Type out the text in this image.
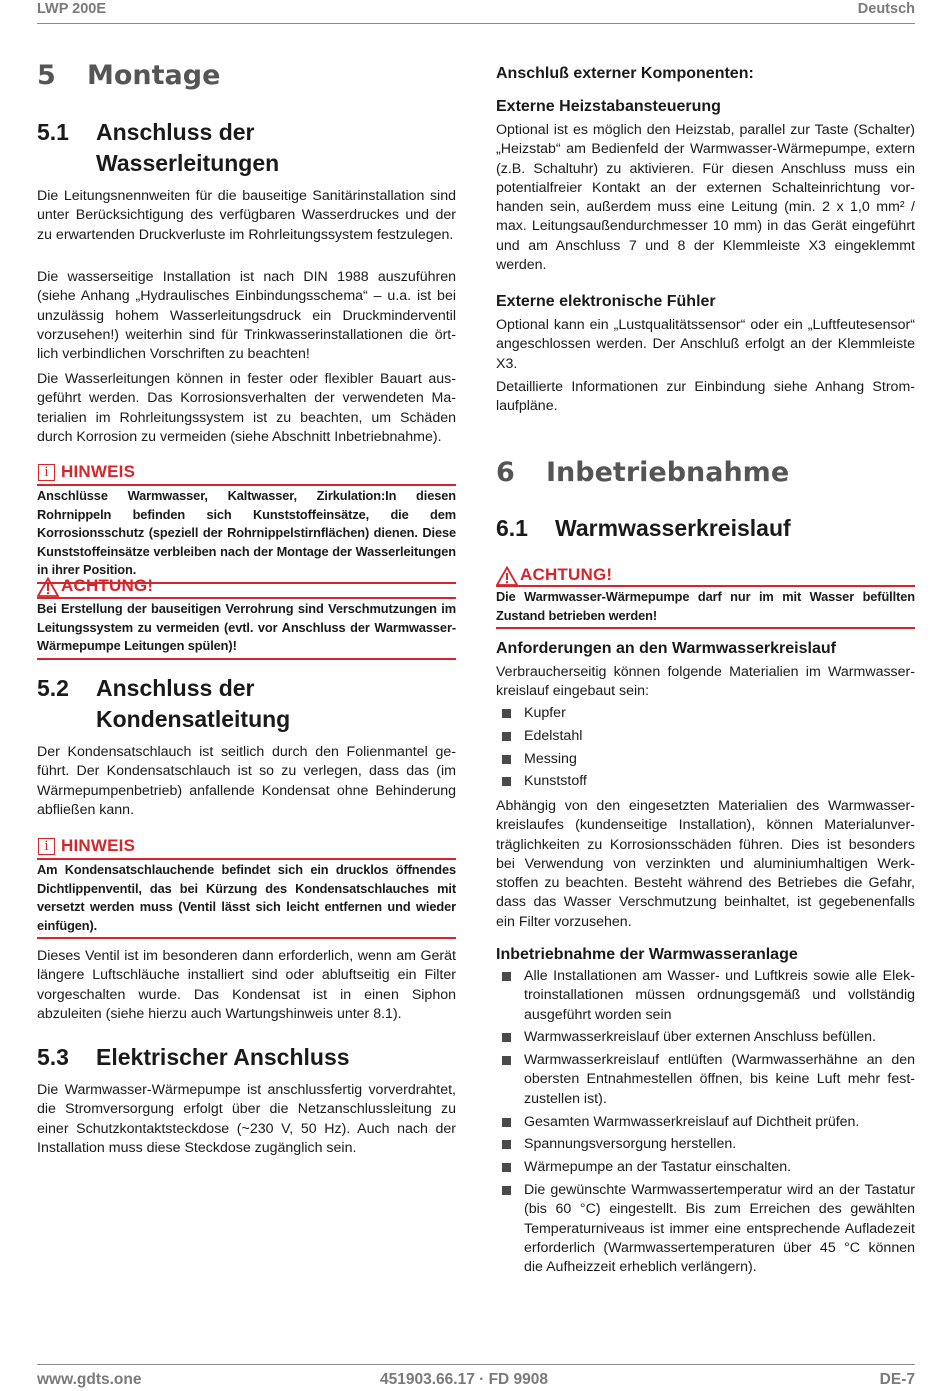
LWP 200E	Deutsch
5 Montage
5.1 Anschluss der
Wasserleitungen

Die Leitungsnennweiten für die bauseitige Sanitärinstallation sind unter Berücksichtigung des verfügbaren Wasserdruckes und der zu erwartenden Druckverluste im Rohrleitungssystem festzulegen.

Die wasserseitige Installation ist nach DIN 1988 auszuführen (siehe Anhang „Hydraulisches Einbindungsschema“ – u.a. ist bei unzulässig hohem Wasserleitungsdruck ein Druckminderventil vorzusehen!) weiterhin sind für Trinkwasserinstallationen die örtlich verbindlichen Vorschriften zu beachten!

Die Wasserleitungen können in fester oder flexibler Bauart ausgeführt werden. Das Korrosionsverhalten der verwendeten Materialien im Rohrleitungssystem ist zu beachten, um Schäden durch Korrosion zu vermeiden (siehe Abschnitt Inbetriebnahme).

i HINWEIS
Anschlüsse Warmwasser, Kaltwasser, Zirkulation:In diesen Rohrnippeln befinden sich Kunststoffeinsätze, die dem Korrosionsschutz (speziell der Rohrnippelstirnflächen) dienen. Diese Kunststoffeinsätze verbleiben nach der Montage der Wasserleitungen in ihrer Position.
ACHTUNG!
Bei Erstellung der bauseitigen Verrohrung sind Verschmutzungen im Leitungssystem zu vermeiden (evtl. vor Anschluss der Warmwasser-Wärmepumpe Leitungen spülen)!
5.2 Anschluss der
Kondensatleitung

Der Kondensatschlauch ist seitlich durch den Folienmantel geführt. Der Kondensatschlauch ist so zu verlegen, dass das (im Wärmepumpenbetrieb) anfallende Kondensat ohne Behinderung abfließen kann.

i HINWEIS
Am Kondensatschlauchende befindet sich ein drucklos öffnendes Dichtlippenventil, das bei Kürzung des Kondensatschlauches mit versetzt werden muss (Ventil lässt sich leicht entfernen und wieder einfügen).

Dieses Ventil ist im besonderen dann erforderlich, wenn am Gerät längere Luftschläuche installiert sind oder abluftseitig ein Filter vorgeschalten wurde. Das Kondensat ist in einen Siphon abzuleiten (siehe hierzu auch Wartungshinweis unter 8.1).

5.3 Elektrischer Anschluss

Die Warmwasser-Wärmepumpe ist anschlussfertig vorverdrahtet, die Stromversorgung erfolgt über die Netzanschlussleitung zu einer Schutzkontaktsteckdose (~230 V, 50 Hz). Auch nach der Installation muss diese Steckdose zugänglich sein.

Anschluß externer Komponenten:
Externe Heizstabansteuerung

Optional ist es möglich den Heizstab, parallel zur Taste (Schalter) „Heizstab“ am Bedienfeld der Warmwasser-Wärmepumpe, extern (z.B. Schaltuhr) zu aktivieren. Für diesen Anschluss muss ein potentialfreier Kontakt an der externen Schalteinrichtung vorhanden sein, außerdem muss eine Leitung (min. 2 x 1,0 mm² / max. Leitungsaußendurchmesser 10 mm) in das Gerät eingeführt und am Anschluss 7 und 8 der Klemmleiste X3 eingeklemmt werden.

Externe elektronische Fühler

Optional kann ein „Lustqualitätssensor“ oder ein „Luftfeutesensor“ angeschlossen werden. Der Anschluß erfolgt an der Klemmleiste X3.

Detaillierte Informationen zur Einbindung siehe Anhang Stromlaufpläne.

6 Inbetriebnahme
6.1 Warmwasserkreislauf
ACHTUNG!
Die Warmwasser-Wärmepumpe darf nur im mit Wasser befüllten Zustand betrieben werden!
Anforderungen an den Warmwasserkreislauf

Verbraucherseitig können folgende Materialien im Warmwasserkreislauf eingebaut sein:

Kupfer
Edelstahl
Messing
Kunststoff

Abhängig von den eingesetzten Materialien des Warmwasserkreislaufes (kundenseitige Installation), können Materialunverträglichkeiten zu Korrosionsschäden führen. Dies ist besonders bei Verwendung von verzinkten und aluminiumhaltigen Werkstoffen zu beachten. Besteht während des Betriebes die Gefahr, dass das Wasser Verschmutzung beinhaltet, ist gegebenenfalls ein Filter vorzusehen.

Inbetriebnahme der Warmwasseranlage
Alle Installationen am Wasser- und Luftkreis sowie alle Elektroinstallationen müssen ordnungsgemäß und vollständig ausgeführt worden sein
Warmwasserkreislauf über externen Anschluss befüllen.
Warmwasserkreislauf entlüften (Warmwasserhähne an den obersten Entnahmestellen öffnen, bis keine Luft mehr festzustellen ist).
Gesamten Warmwasserkreislauf auf Dichtheit prüfen.
Spannungsversorgung herstellen.
Wärmepumpe an der Tastatur einschalten.
Die gewünschte Warmwassertemperatur wird an der Tastatur (bis 60 °C) eingestellt. Bis zum Erreichen des gewählten Temperaturniveaus ist immer eine entsprechende Aufladezeit erforderlich (Warmwassertemperaturen über 45 °C können die Aufheizzeit erheblich verlängern).
www.gdts.one	451903.66.17 · FD 9908	DE-7
